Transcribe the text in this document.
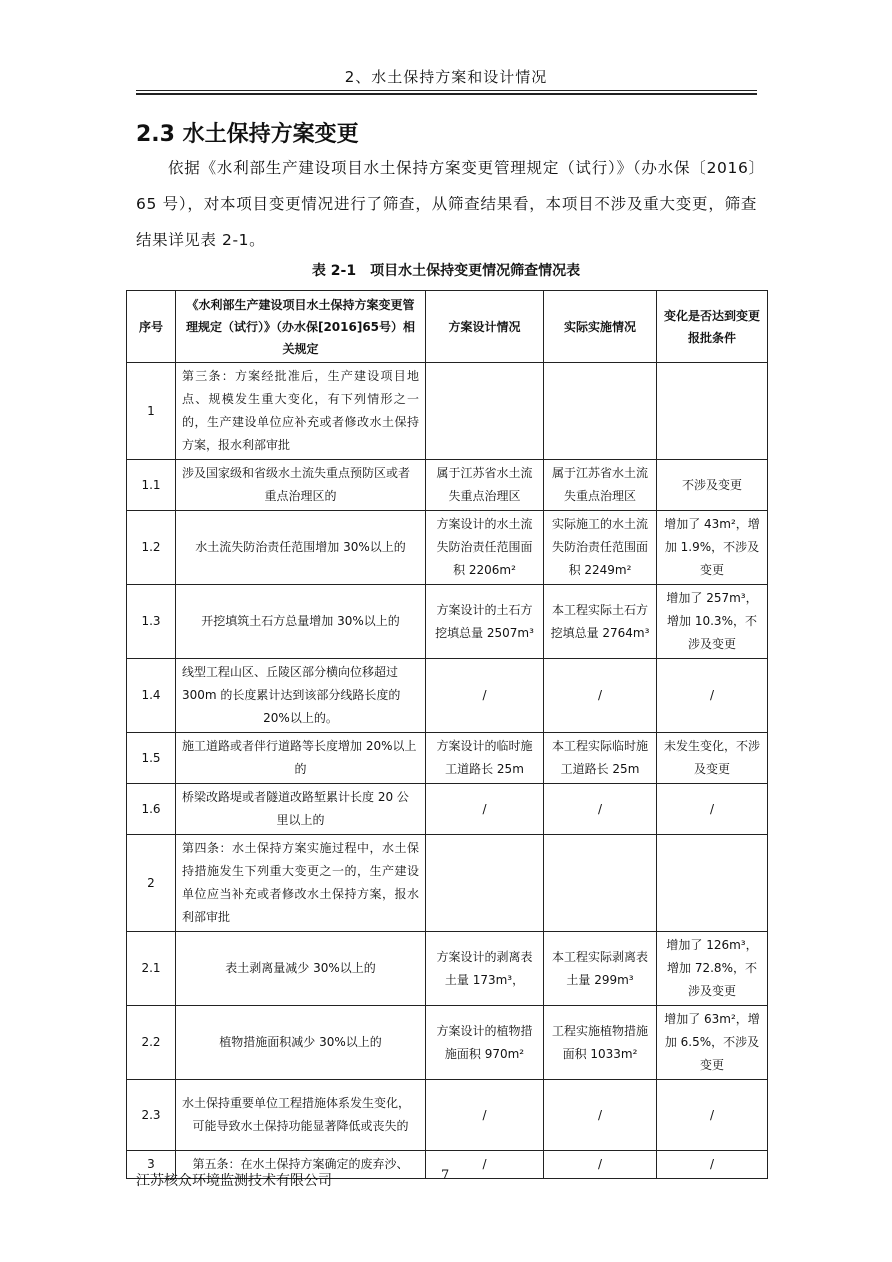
2、水土保持方案和设计情况
2.3 水土保持方案变更
依据《水利部生产建设项目水土保持方案变更管理规定（试行）》（办水保〔2016〕65 号），对本项目变更情况进行了筛查，从筛查结果看，本项目不涉及重大变更，筛查结果详见表 2-1。
表 2-1　项目水土保持变更情况筛查情况表
序号	《水利部生产建设项目水土保持方案变更管理规定（试行）》（办水保[2016]65号）相关规定	方案设计情况	实际实施情况	变化是否达到变更报批条件
1	第三条：方案经批准后，生产建设项目地点、规模发生重大变化，有下列情形之一的，生产建设单位应补充或者修改水土保持方案，报水利部审批			
1.1	涉及国家级和省级水土流失重点预防区或者重点治理区的	属于江苏省水土流失重点治理区	属于江苏省水土流失重点治理区	不涉及变更
1.2	水土流失防治责任范围增加 30%以上的	方案设计的水土流失防治责任范围面积 2206m²	实际施工的水土流失防治责任范围面积 2249m²	增加了 43m²，增加 1.9%，不涉及变更
1.3	开挖填筑土石方总量增加 30%以上的	方案设计的土石方挖填总量 2507m³	本工程实际土石方挖填总量 2764m³	增加了 257m³，增加 10.3%，不涉及变更
1.4	线型工程山区、丘陵区部分横向位移超过 300m 的长度累计达到该部分线路长度的 20%以上的。	/	/	/
1.5	施工道路或者伴行道路等长度增加 20%以上的	方案设计的临时施工道路长 25m	本工程实际临时施工道路长 25m	未发生变化，不涉及变更
1.6	桥梁改路堤或者隧道改路堑累计长度 20 公里以上的	/	/	/
2	第四条：水土保持方案实施过程中，水土保持措施发生下列重大变更之一的，生产建设单位应当补充或者修改水土保持方案，报水利部审批			
2.1	表土剥离量减少 30%以上的	方案设计的剥离表土量 173m³，	本工程实际剥离表土量 299m³	增加了 126m³，增加 72.8%，不涉及变更
2.2	植物措施面积减少 30%以上的	方案设计的植物措施面积 970m²	工程实施植物措施面积 1033m²	增加了 63m²，增加 6.5%，不涉及变更
2.3	水土保持重要单位工程措施体系发生变化，可能导致水土保持功能显著降低或丧失的	/	/	/
3	第五条：在水土保持方案确定的废弃沙、	/	/	/
江苏核众环境监测技术有限公司	7
